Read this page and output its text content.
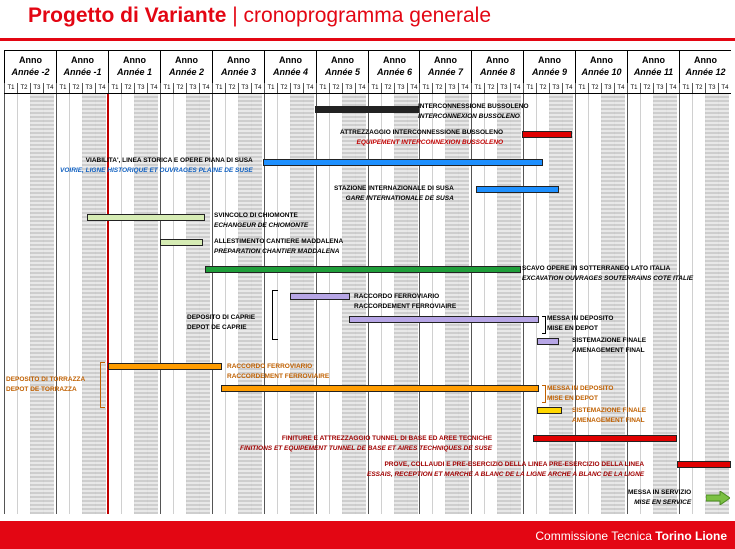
Progetto di Variante | cronoprogramma generale
Anno
Année -2
T1 T2 T3 T4
Anno
Année -1
T1 T2 T3 T4
Anno
Année 1
T1 T2 T3 T4
Anno
Année 2
T1 T2 T3 T4
Anno
Année 3
T1 T2 T3 T4
Anno
Année 4
T1 T2 T3 T4
Anno
Année 5
T1 T2 T3 T4
Anno
Année 6
T1 T2 T3 T4
Anno
Année 7
T1 T2 T3 T4
Anno
Année 8
T1 T2 T3 T4
Anno
Année 9
T1 T2 T3 T4
Anno
Année 10
T1 T2 T3 T4
Anno
Année 11
T1 T2 T3 T4
Anno
Année 12
T1 T2 T3 T4
INTERCONNESSIONE BUSSOLENO
INTERCONNEXION BUSSOLENO
ATTREZZAGGIO INTERCONNESSIONE BUSSOLENO
EQUIPEMENT INTERCONNEXION BUSSOLENO
VIABILITA', LINEA STORICA E OPERE PIANA DI SUSA
VOIRIE, LIGNE HISTORIQUE ET OUVRAGES PLAINE DE SUSE
STAZIONE INTERNAZIONALE DI SUSA
GARE INTERNATIONALE DE SUSA
SVINCOLO DI CHIOMONTE
ECHANGEUR DE CHIOMONTE
ALLESTIMENTO CANTIERE MADDALENA
PREPARATION CHANTIER MADDALENA
SCAVO OPERE IN SOTTERRANEO LATO ITALIA
EXCAVATION OUVRAGES SOUTERRAINS COTE ITALIE
DEPOSITO DI CAPRIE
DEPOT DE CAPRIE
RACCORDO FERROVIARIO
RACCORDEMENT FERROVIAIRE
MESSA IN DEPOSITO
MISE EN DEPOT
SISTEMAZIONE FINALE
AMENAGEMENT FINAL
DEPOSITO DI TORRAZZA
DEPOT DE TORRAZZA
RACCORDO FERROVIARIO
RACCORDEMENT FERROVIAIRE
MESSA IN DEPOSITO
MISE EN DEPOT
SISTEMAZIONE FINALE
AMENAGEMENT FINAL
FINITURE E ATTREZZAGGIO TUNNEL DI BASE ED AREE TECNICHE
FINITIONS ET EQUIPEMENT TUNNEL DE BASE ET AIRES TECHNIQUES DE SUSE
PROVE, COLLAUDI E PRE-ESERCIZIO DELLA LINEA PRE-ESERCIZIO DELLA LINEA
ESSAIS, RECEPTION ET MARCHE A BLANC DE LA LIGNE ARCHE A BLANC DE LA LIGNE
MESSA IN SERVIZIO
MISE EN SERVICE
Commissione Tecnica Torino Lione
